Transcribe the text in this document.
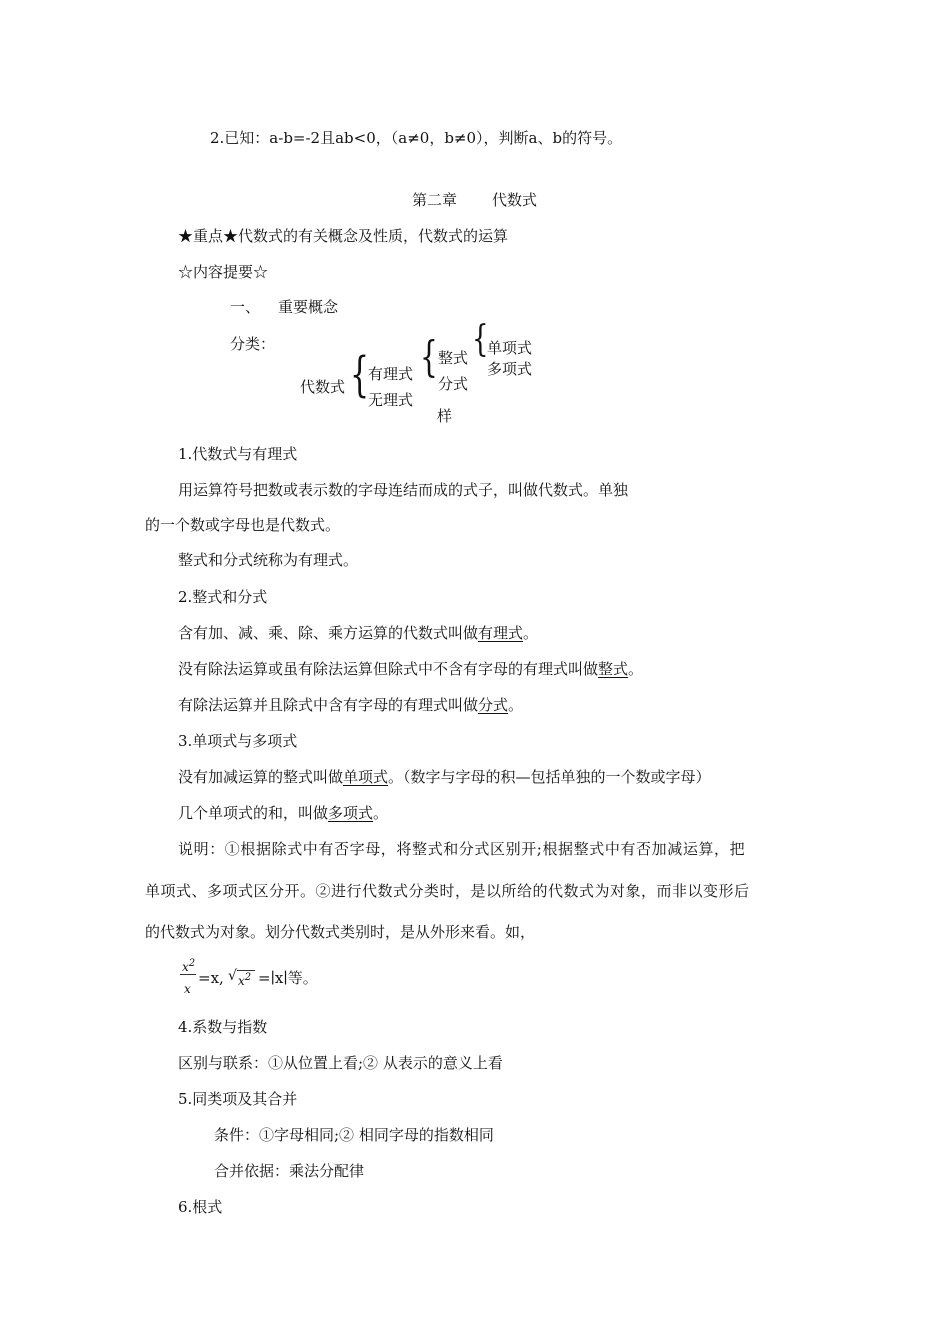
2.已知：a-b=-2且ab<0，（a≠0，b≠0），判断a、b的符号。
第二章 代数式
★重点★代数式的有关概念及性质，代数式的运算
☆内容提要☆
一、 重要概念
分类：
代数式 {
有理式
无理式
{ 整式
分式
{
单项式
多项式
样
1.代数式与有理式
用运算符号把数或表示数的字母连结而成的式子，叫做代数式。单独
的一个数或字母也是代数式。
整式和分式统称为有理式。
2.整式和分式
含有加、减、乘、除、乘方运算的代数式叫做有理式。
没有除法运算或虽有除法运算但除式中不含有字母的有理式叫做整式。
有除法运算并且除式中含有字母的有理式叫做分式。
3.单项式与多项式
没有加减运算的整式叫做单项式。（数字与字母的积—包括单独的一个数或字母）
几个单项式的和，叫做多项式。
说明：①根据除式中有否字母，将整式和分式区别开;根据整式中有否加减运算，把
单项式、多项式区分开。②进行代数式分类时，是以所给的代数式为对象，而非以变形后
的代数式为对象。划分代数式类别时，是从外形来看。如，
$x^2$
x
=x, √ $x^2$ =∣x∣等。
4.系数与指数
区别与联系：①从位置上看;② 从表示的意义上看
5.同类项及其合并
条件：①字母相同;② 相同字母的指数相同
合并依据：乘法分配律
6.根式
